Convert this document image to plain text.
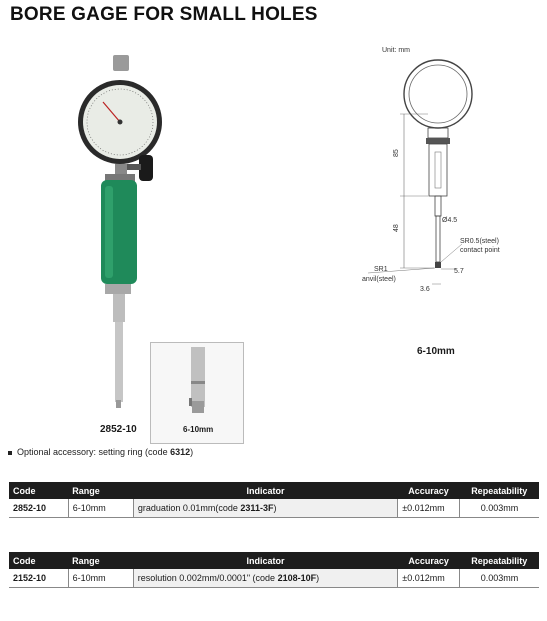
BORE GAGE FOR SMALL HOLES
2852-10	6-10mm
Unit: mm
85
48
Ø4.5
SR0.5(steel)
contact point
SR1
anvil(steel)
5.7
3.6
6-10mm
Optional accessory: setting ring (code 6312)
Code	Range	Indicator	Accuracy	Repeatability
2852-10	6-10mm	graduation 0.01mm(code 2311-3F)	±0.012mm	0.003mm
Code	Range	Indicator	Accuracy	Repeatability
2152-10	6-10mm	resolution 0.002mm/0.0001" (code 2108-10F)	±0.012mm	0.003mm
